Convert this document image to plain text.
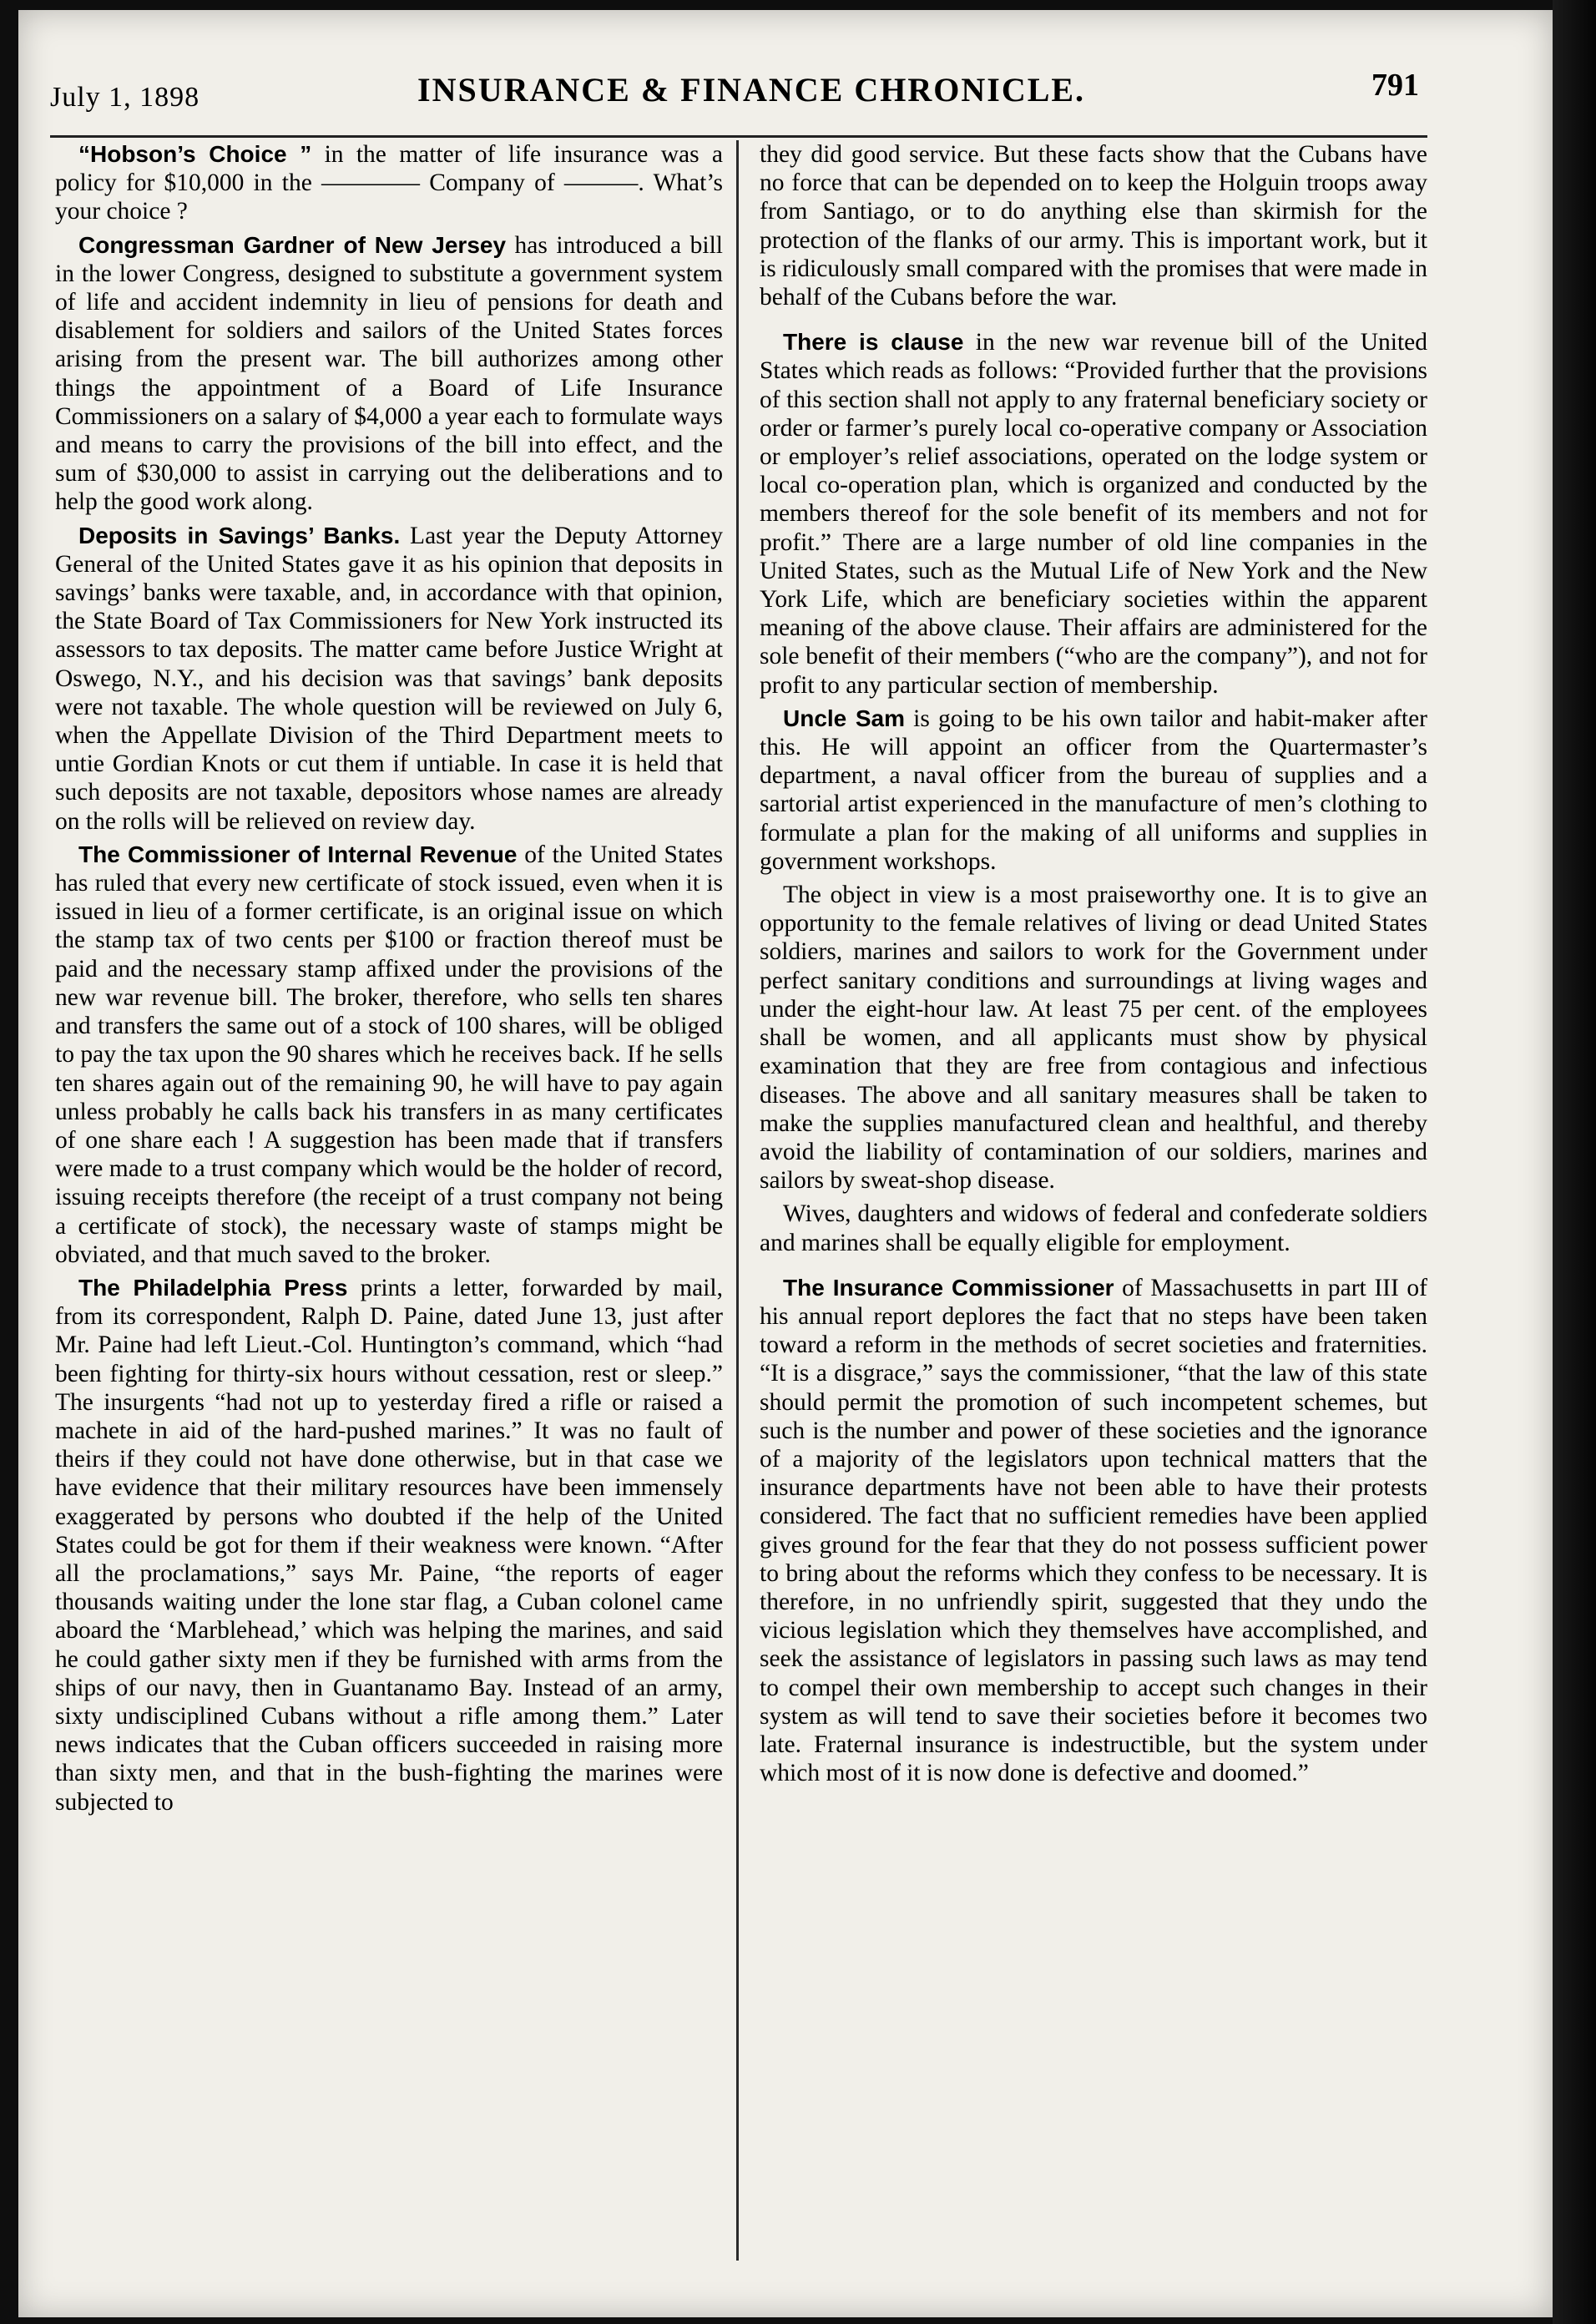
July 1, 1898	INSURANCE & FINANCE CHRONICLE.	791

“Hobson’s Choice ” in the matter of life insurance was a policy for $10,000 in the ———— Company of ———. What’s your choice ?

Congressman Gardner of New Jersey has introduced a bill in the lower Congress, designed to substitute a government system of life and accident indemnity in lieu of pensions for death and disablement for soldiers and sailors of the United States forces arising from the present war. The bill authorizes among other things the appointment of a Board of Life Insurance Commissioners on a salary of $4,000 a year each to formulate ways and means to carry the provisions of the bill into effect, and the sum of $30,000 to assist in carrying out the deliberations and to help the good work along.

Deposits in Savings’ Banks. Last year the Deputy Attorney General of the United States gave it as his opinion that deposits in savings’ banks were taxable, and, in accordance with that opinion, the State Board of Tax Commissioners for New York instructed its assessors to tax deposits. The matter came before Justice Wright at Oswego, N.Y., and his decision was that savings’ bank deposits were not taxable. The whole question will be reviewed on July 6, when the Appellate Division of the Third Department meets to untie Gordian Knots or cut them if untiable. In case it is held that such deposits are not taxable, depositors whose names are already on the rolls will be relieved on review day.

The Commissioner of Internal Revenue of the United States has ruled that every new certificate of stock issued, even when it is issued in lieu of a former certificate, is an original issue on which the stamp tax of two cents per $100 or fraction thereof must be paid and the necessary stamp affixed under the provisions of the new war revenue bill. The broker, therefore, who sells ten shares and transfers the same out of a stock of 100 shares, will be obliged to pay the tax upon the 90 shares which he receives back. If he sells ten shares again out of the remaining 90, he will have to pay again unless probably he calls back his transfers in as many certificates of one share each ! A suggestion has been made that if transfers were made to a trust company which would be the holder of record, issuing receipts therefore (the receipt of a trust company not being a certificate of stock), the necessary waste of stamps might be obviated, and that much saved to the broker.

The Philadelphia Press prints a letter, forwarded by mail, from its correspondent, Ralph D. Paine, dated June 13, just after Mr. Paine had left Lieut.-Col. Huntington’s command, which “had been fighting for thirty-six hours without cessation, rest or sleep.” The insurgents “had not up to yesterday fired a rifle or raised a machete in aid of the hard-pushed marines.” It was no fault of theirs if they could not have done otherwise, but in that case we have evidence that their military resources have been immensely exaggerated by persons who doubted if the help of the United States could be got for them if their weakness were known. “After all the proclamations,” says Mr. Paine, “the reports of eager thousands waiting under the lone star flag, a Cuban colonel came aboard the ‘Marblehead,’ which was helping the marines, and said he could gather sixty men if they be furnished with arms from the ships of our navy, then in Guantanamo Bay. Instead of an army, sixty undisciplined Cubans without a rifle among them.” Later news indicates that the Cuban officers succeeded in raising more than sixty men, and that in the bush-fighting the marines were subjected to

they did good service. But these facts show that the Cubans have no force that can be depended on to keep the Holguin troops away from Santiago, or to do anything else than skirmish for the protection of the flanks of our army. This is important work, but it is ridiculously small compared with the promises that were made in behalf of the Cubans before the war.

There is clause in the new war revenue bill of the United States which reads as follows: “Provided further that the provisions of this section shall not apply to any fraternal beneficiary society or order or farmer’s purely local co-operative company or Association or employer’s relief associations, operated on the lodge system or local co-operation plan, which is organized and conducted by the members thereof for the sole benefit of its members and not for profit.” There are a large number of old line companies in the United States, such as the Mutual Life of New York and the New York Life, which are beneficiary societies within the apparent meaning of the above clause. Their affairs are administered for the sole benefit of their members (“who are the company”), and not for profit to any particular section of membership.

Uncle Sam is going to be his own tailor and habit-maker after this. He will appoint an officer from the Quartermaster’s department, a naval officer from the bureau of supplies and a sartorial artist experienced in the manufacture of men’s clothing to formulate a plan for the making of all uniforms and supplies in government workshops.

The object in view is a most praiseworthy one. It is to give an opportunity to the female relatives of living or dead United States soldiers, marines and sailors to work for the Government under perfect sanitary conditions and surroundings at living wages and under the eight-hour law. At least 75 per cent. of the employees shall be women, and all applicants must show by physical examination that they are free from contagious and infectious diseases. The above and all sanitary measures shall be taken to make the supplies manufactured clean and healthful, and thereby avoid the liability of contamination of our soldiers, marines and sailors by sweat-shop disease.

Wives, daughters and widows of federal and confederate soldiers and marines shall be equally eligible for employment.

The Insurance Commissioner of Massachusetts in part III of his annual report deplores the fact that no steps have been taken toward a reform in the methods of secret societies and fraternities. “It is a disgrace,” says the commissioner, “that the law of this state should permit the promotion of such incompetent schemes, but such is the number and power of these societies and the ignorance of a majority of the legislators upon technical matters that the insurance departments have not been able to have their protests considered. The fact that no sufficient remedies have been applied gives ground for the fear that they do not possess sufficient power to bring about the reforms which they confess to be necessary. It is therefore, in no unfriendly spirit, suggested that they undo the vicious legislation which they themselves have accomplished, and seek the assistance of legislators in passing such laws as may tend to compel their own membership to accept such changes in their system as will tend to save their societies before it becomes two late. Fraternal insurance is indestructible, but the system under which most of it is now done is defective and doomed.”
